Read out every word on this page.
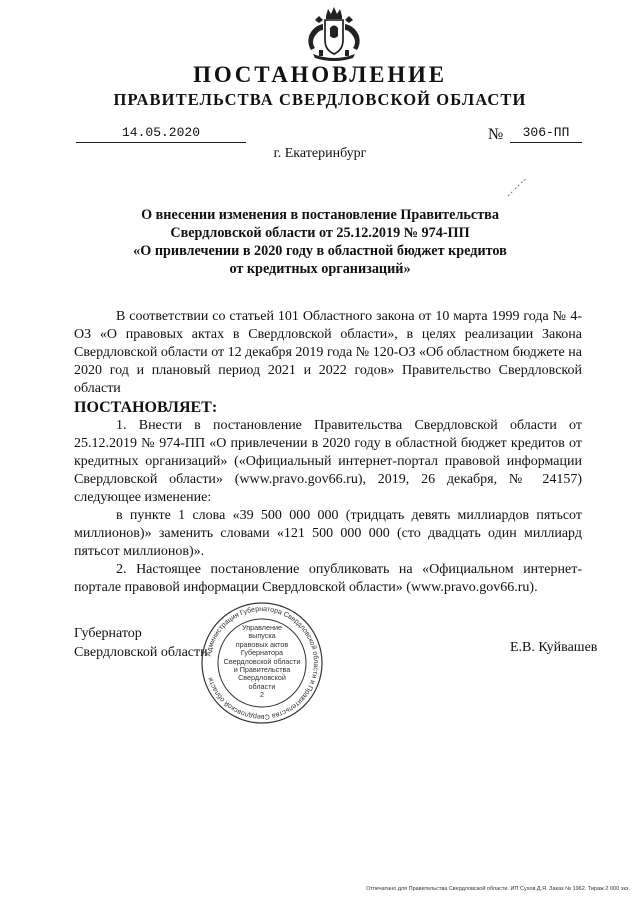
ПОСТАНОВЛЕНИЕ
ПРАВИТЕЛЬСТВА СВЕРДЛОВСКОЙ ОБЛАСТИ
14.05.2020	№	306-ПП
г. Екатеринбург
О внесении изменения в постановление Правительства
Свердловской области от 25.12.2019 № 974-ПП
«О привлечении в 2020 году в областной бюджет кредитов
от кредитных организаций»

В соответствии со статьей 101 Областного закона от 10 марта 1999 года № 4-ОЗ «О правовых актах в Свердловской области», в целях реализации Закона Свердловской области от 12 декабря 2019 года № 120-ОЗ «Об областном бюджете на 2020 год и плановый период 2021 и 2022 годов» Правительство Свердловской области

ПОСТАНОВЛЯЕТ:

1. Внести в постановление Правительства Свердловской области от 25.12.2019 № 974-ПП «О привлечении в 2020 году в областной бюджет кредитов от кредитных организаций» («Официальный интернет-портал правовой информации Свердловской области» (www.pravo.gov66.ru), 2019, 26 декабря, № 24157) следующее изменение:

в пункте 1 слова «39 500 000 000 (тридцать девять миллиардов пятьсот миллионов)» заменить словами «121 500 000 000 (сто двадцать один миллиард пятьсот миллионов)».

2. Настоящее постановление опубликовать на «Официальном интернет-портале правовой информации Свердловской области» (www.pravo.gov66.ru).

Губернатор
Свердловской области	Е.В. Куйвашев
Администрация Губернатора Свердловской области и Правительства Свердловской области
Управление
выпуска
правовых актов
Губернатора
Свердловской области
и Правительства
Свердловской
области
2
Отпечатано для Правительства Свердловской области. ИП Сухов Д.Я. Заказ № 1962. Тираж 2 000 экз.
